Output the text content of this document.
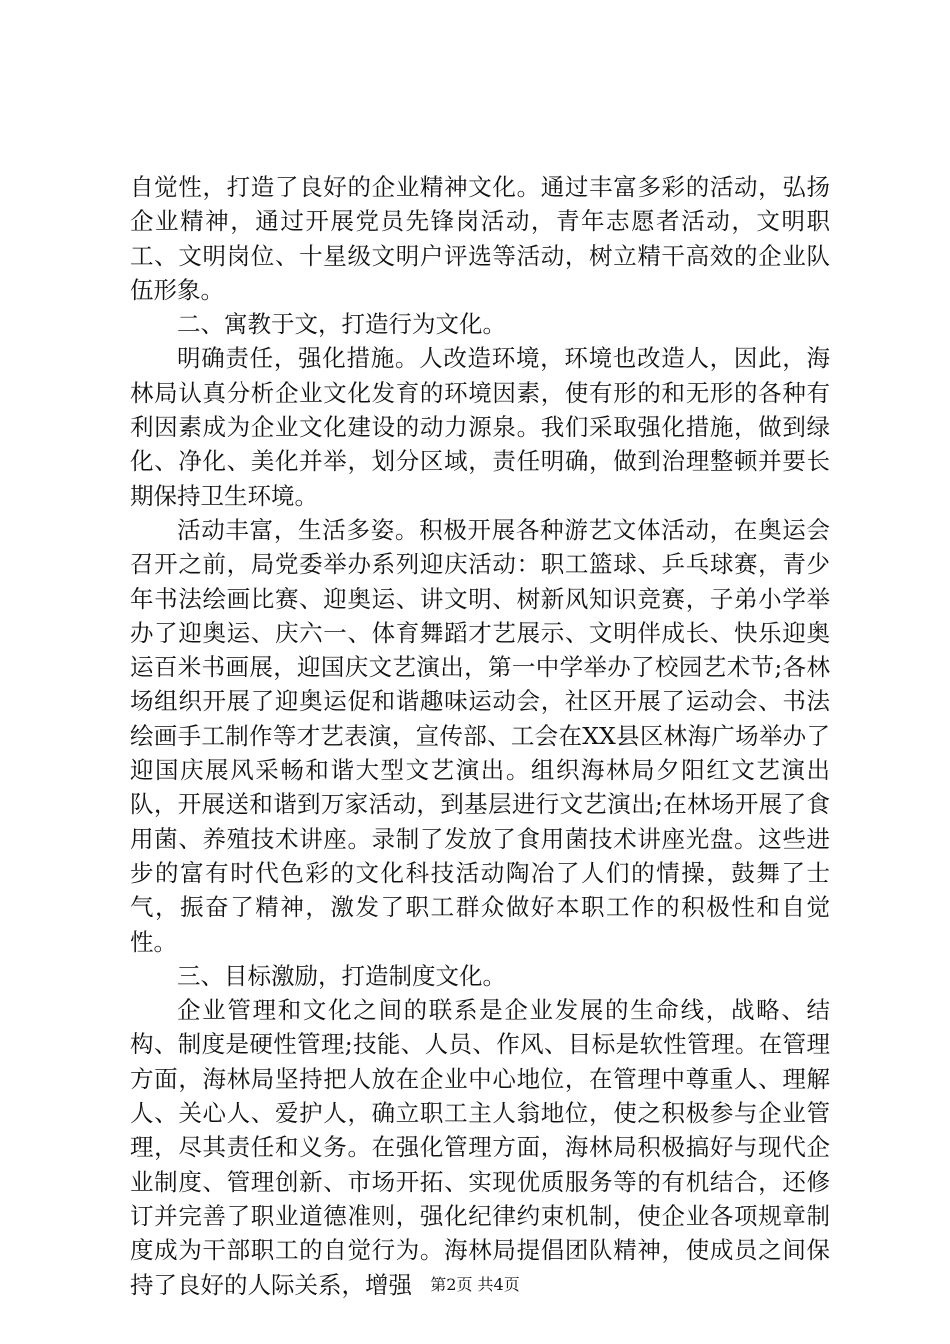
自觉性，打造了良好的企业精神文化。通过丰富多彩的活动，弘扬企业精神，通过开展党员先锋岗活动，青年志愿者活动，文明职工、文明岗位、十星级文明户评选等活动，树立精干高效的企业队伍形象。

二、寓教于文，打造行为文化。

明确责任，强化措施。人改造环境，环境也改造人，因此，海林局认真分析企业文化发育的环境因素，使有形的和无形的各种有利因素成为企业文化建设的动力源泉。我们采取强化措施，做到绿化、净化、美化并举，划分区域，责任明确，做到治理整顿并要长期保持卫生环境。

活动丰富，生活多姿。积极开展各种游艺文体活动，在奥运会召开之前，局党委举办系列迎庆活动：职工篮球、乒乓球赛，青少年书法绘画比赛、迎奥运、讲文明、树新风知识竞赛，子弟小学举办了迎奥运、庆六一、体育舞蹈才艺展示、文明伴成长、快乐迎奥运百米书画展，迎国庆文艺演出，第一中学举办了校园艺术节;各林场组织开展了迎奥运促和谐趣味运动会，社区开展了运动会、书法绘画手工制作等才艺表演，宣传部、工会在XX县区林海广场举办了迎国庆展风采畅和谐大型文艺演出。组织海林局夕阳红文艺演出队，开展送和谐到万家活动，到基层进行文艺演出;在林场开展了食用菌、养殖技术讲座。录制了发放了食用菌技术讲座光盘。这些进步的富有时代色彩的文化科技活动陶冶了人们的情操，鼓舞了士气，振奋了精神，激发了职工群众做好本职工作的积极性和自觉性。

三、目标激励，打造制度文化。

企业管理和文化之间的联系是企业发展的生命线，战略、结构、制度是硬性管理;技能、人员、作风、目标是软性管理。在管理方面，海林局坚持把人放在企业中心地位，在管理中尊重人、理解人、关心人、爱护人，确立职工主人翁地位，使之积极参与企业管理，尽其责任和义务。在强化管理方面，海林局积极搞好与现代企业制度、管理创新、市场开拓、实现优质服务等的有机结合，还修订并完善了职业道德准则，强化纪律约束机制，使企业各项规章制度成为干部职工的自觉行为。海林局提倡团队精神，使成员之间保持了良好的人际关系，增强	第2页 共4页
